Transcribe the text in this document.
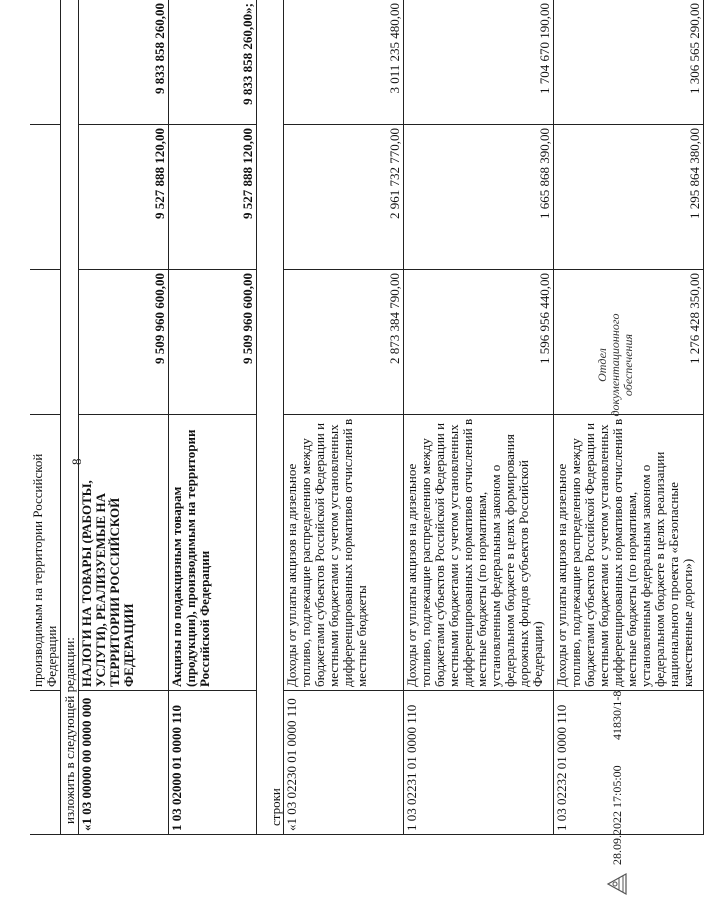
8
	производимым на территории Российской Федерации			
изложить в следующей редакции:				
«1 03 00000 00 0000 000	НАЛОГИ НА ТОВАРЫ (РАБОТЫ, УСЛУГИ), РЕАЛИЗУЕМЫЕ НА ТЕРРИТОРИИ РОССИЙСКОЙ ФЕДЕРАЦИИ	9 509 960 600,00	9 527 888 120,00	9 833 858 260,00
1 03 02000 01 0000 110	Акцизы по подакцизным товарам (продукции), производимым на территории Российской Федерации	9 509 960 600,00	9 527 888 120,00	9 833 858 260,00»;
строки				
«1 03 02230 01 0000 110	Доходы от уплаты акцизов на дизельное топливо, подлежащие распределению между бюджетами субъектов Российской Федерации и местными бюджетами с учетом установленных дифференцированных нормативов отчислений в местные бюджеты	2 873 384 790,00	2 961 732 770,00	3 011 235 480,00
1 03 02231 01 0000 110	Доходы от уплаты акцизов на дизельное топливо, подлежащие распределению между бюджетами субъектов Российской Федерации и местными бюджетами с учетом установленных дифференцированных нормативов отчислений в местные бюджеты (по нормативам, установленным федеральным законом о федеральном бюджете в целях формирования дорожных фондов субъектов Российской Федерации)	1 596 956 440,00	1 665 868 390,00	1 704 670 190,00
1 03 02232 01 0000 110	Доходы от уплаты акцизов на дизельное топливо, подлежащие распределению между бюджетами субъектов Российской Федерации и местными бюджетами с учетом установленных дифференцированных нормативов отчислений в местные бюджеты (по нормативам, установленным федеральным законом о федеральном бюджете в целях реализации национального проекта «Безопасные качественные дороги»)	1 276 428 350,00	1 295 864 380,00	1 306 565 290,00
28.09.2022 17:05:00
41830/1-8
Отдел документационного обеспечения
